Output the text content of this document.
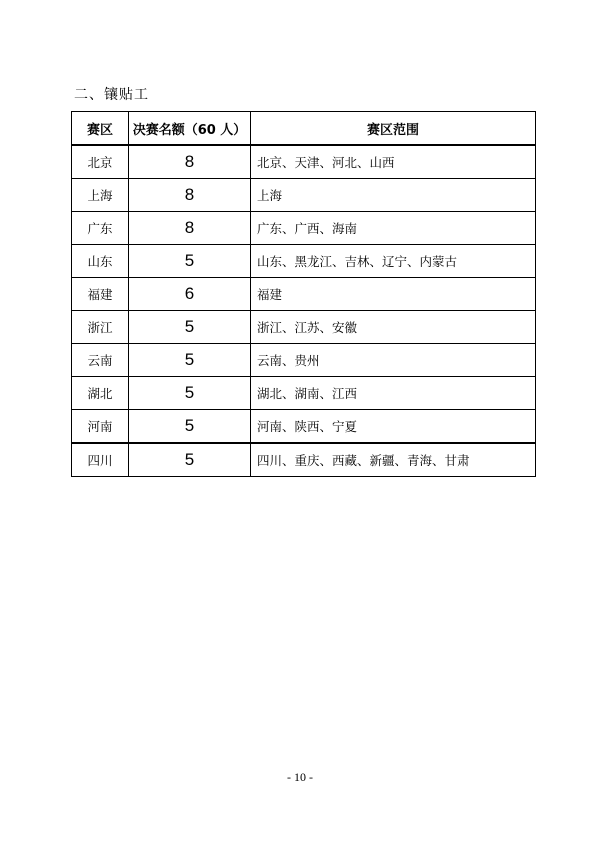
二、镶贴工
赛区	决赛名额（60 人）	赛区范围
北京	8	北京、天津、河北、山西
上海	8	上海
广东	8	广东、广西、海南
山东	5	山东、黑龙江、吉林、辽宁、内蒙古
福建	6	福建
浙江	5	浙江、江苏、安徽
云南	5	云南、贵州
湖北	5	湖北、湖南、江西
河南	5	河南、陕西、宁夏
四川	5	四川、重庆、西藏、新疆、青海、甘肃
- 10 -
